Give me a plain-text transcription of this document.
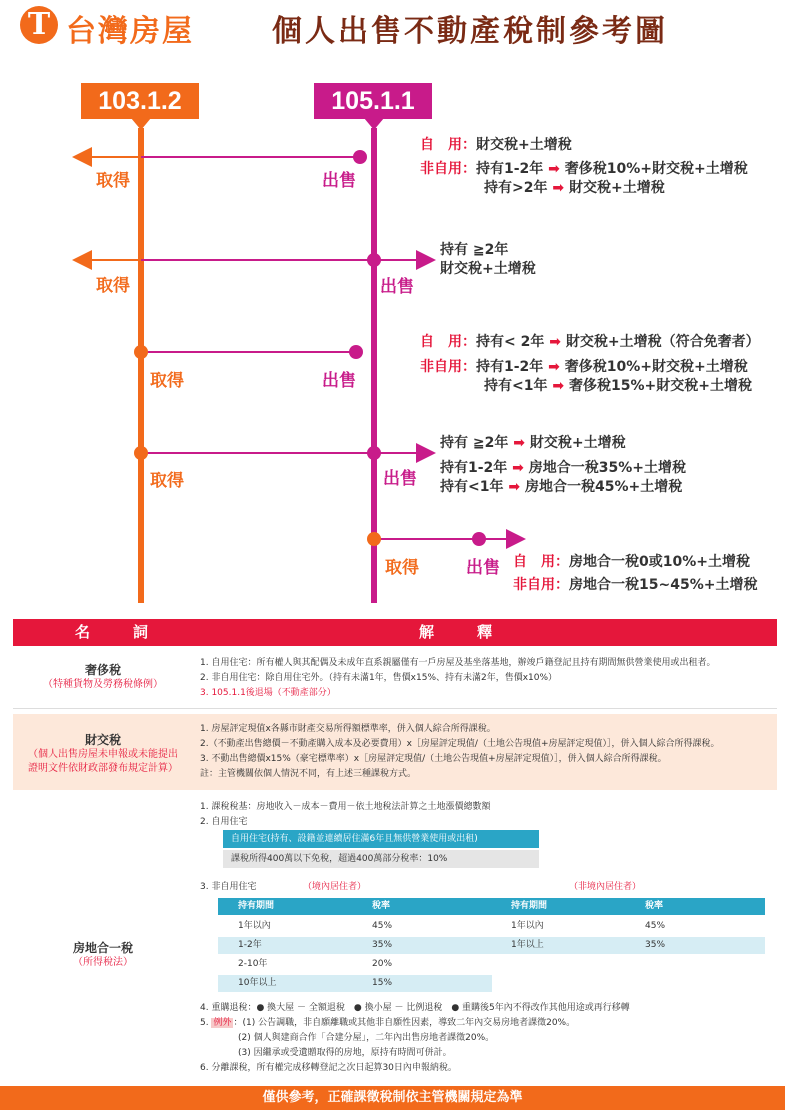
T 台灣房屋	個人出售不動產稅制參考圖
103.1.2	105.1.1
取得	出售
自　用：財交稅+土增稅
非自用：持有1-2年 ➡ 奢侈稅10%+財交稅+土增稅
持有>2年 ➡ 財交稅+土增稅
取得	出售
持有 ≧2年
財交稅+土增稅
取得	出售
自　用：持有< 2年 ➡ 財交稅+土增稅（符合免奢者）
非自用：持有1-2年 ➡ 奢侈稅10%+財交稅+土增稅
持有<1年 ➡ 奢侈稅15%+財交稅+土增稅
取得	出售
持有 ≧2年 ➡ 財交稅+土增稅
持有1-2年 ➡ 房地合一稅35%+土增稅
持有<1年 ➡ 房地合一稅45%+土增稅
取得	出售 自　用：房地合一稅0或10%+土增稅
非自用：房地合一稅15~45%+土增稅
名　詞	解　釋
奢侈稅
（特種貨物及勞務稅條例）
1. 自用住宅：所有權人與其配偶及未成年直系親屬僅有一戶房屋及基坐落基地，辦竣戶籍登記且持有期間無供營業使用或出租者。
2. 非自用住宅：除自用住宅外。（持有未滿1年，售價x15%、持有未滿2年，售價x10%）
3. 105.1.1後退場（不動產部分）
財交稅
（個人出售房屋未申報或未能提出
證明文件依財政部發布規定計算）
1. 房屋評定現值x各縣市財產交易所得額標準率，併入個人綜合所得課稅。
2.（不動產出售總價－不動產購入成本及必要費用）x［房屋評定現值/（土地公告現值+房屋評定現值）］，併入個人綜合所得課稅。
3. 不動出售總價x15%（豪宅標準率）x［房屋評定現值/（土地公告現值+房屋評定現值）］，併入個人綜合所得課稅。
註：主管機關依個人情況不同，有上述三種課稅方式。
房地合一稅
（所得稅法）
1. 課稅稅基：房地收入－成本－費用－依土地稅法計算之土地漲價總數額
2. 自用住宅
自用住宅(持有、設籍並連續居住滿6年且無供營業使用或出租)
課稅所得400萬以下免稅，超過400萬部分稅率：10%
3. 非自用住宅	（境內居住者）	（非境內居住者）
持有期間	稅率
1年以內	45%
1-2年	35%
2-10年	20%
10年以上	15%
持有期間	稅率
1年以內	45%
1年以上	35%
4. 重購退稅：● 換大屋 － 全額退稅　● 換小屋 － 比例退稅　● 重購後5年內不得改作其他用途或再行移轉
5. 例外 ：(1) 公告調職，非自願離職或其他非自願性因素，導致二年內交易房地者課徵20%。
(2) 個人與建商合作「合建分屋」，二年內出售房地者課徵20%。
(3) 因繼承或受遺贈取得的房地，原持有時間可併計。
6. 分離課稅，所有權完成移轉登記之次日起算30日內申報納稅。
僅供參考，正確課徵稅制依主管機關規定為準
